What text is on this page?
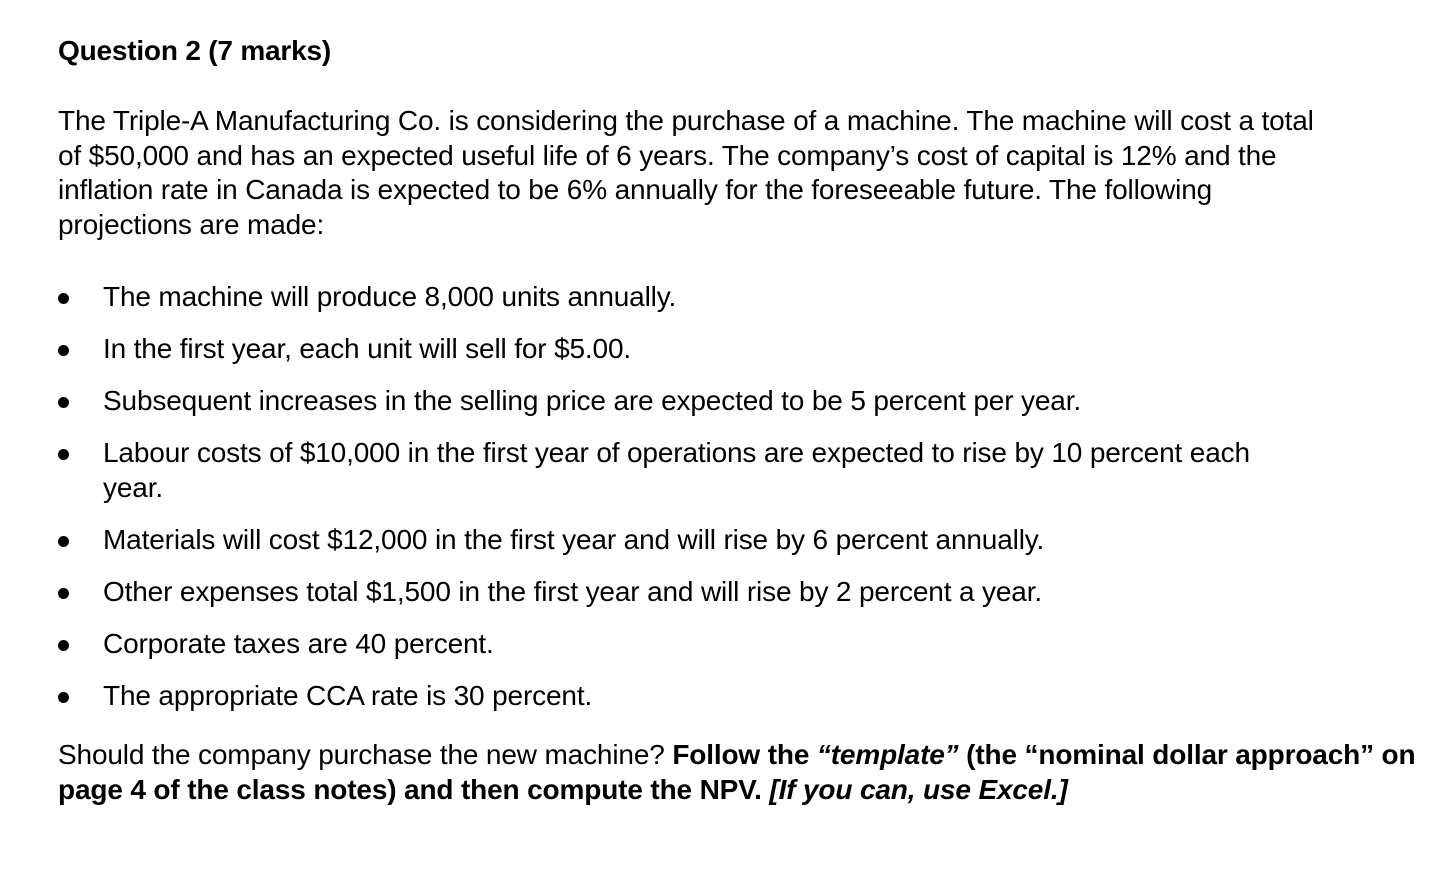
Question 2 (7 marks)

The Triple-A Manufacturing Co. is considering the purchase of a machine. The machine will cost a total of $50,000 and has an expected useful life of 6 years. The company’s cost of capital is 12% and the inflation rate in Canada is expected to be 6% annually for the foreseeable future. The following projections are made:

The machine will produce 8,000 units annually.
In the first year, each unit will sell for $5.00.
Subsequent increases in the selling price are expected to be 5 percent per year.
Labour costs of $10,000 in the first year of operations are expected to rise by 10 percent each year.
Materials will cost $12,000 in the first year and will rise by 6 percent annually.
Other expenses total $1,500 in the first year and will rise by 2 percent a year.
Corporate taxes are 40 percent.
The appropriate CCA rate is 30 percent.

Should the company purchase the new machine? Follow the “template” (the “nominal dollar approach” on page 4 of the class notes) and then compute the NPV. [If you can, use Excel.]
